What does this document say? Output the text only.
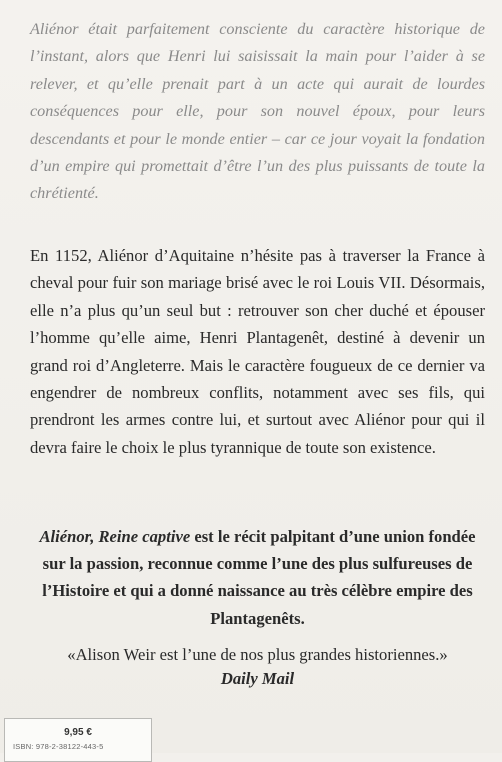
Aliénor était parfaitement consciente du caractère historique de l’instant, alors que Henri lui saisissait la main pour l’aider à se relever, et qu’elle prenait part à un acte qui aurait de lourdes conséquences pour elle, pour son nouvel époux, pour leurs descendants et pour le monde entier – car ce jour voyait la fondation d’un empire qui promettait d’être l’un des plus puissants de toute la chrétienté.

En 1152, Aliénor d’Aquitaine n’hésite pas à traverser la France à cheval pour fuir son mariage brisé avec le roi Louis VII. Désormais, elle n’a plus qu’un seul but : retrouver son cher duché et épouser l’homme qu’elle aime, Henri Plantagenêt, destiné à devenir un grand roi d’Angleterre. Mais le caractère fougueux de ce dernier va engendrer de nombreux conflits, notamment avec ses fils, qui prendront les armes contre lui, et surtout avec Aliénor pour qui il devra faire le choix le plus tyrannique de toute son existence.

Aliénor, Reine captive est le récit palpitant d’une union fondée sur la passion, reconnue comme l’une des plus sulfureuses de l’Histoire et qui a donné naissance au très célèbre empire des Plantagenêts.

«Alison Weir est l’une de nos plus grandes historiennes.»
Daily Mail
9,95 €
ISBN: 978-2-38122-443-5
